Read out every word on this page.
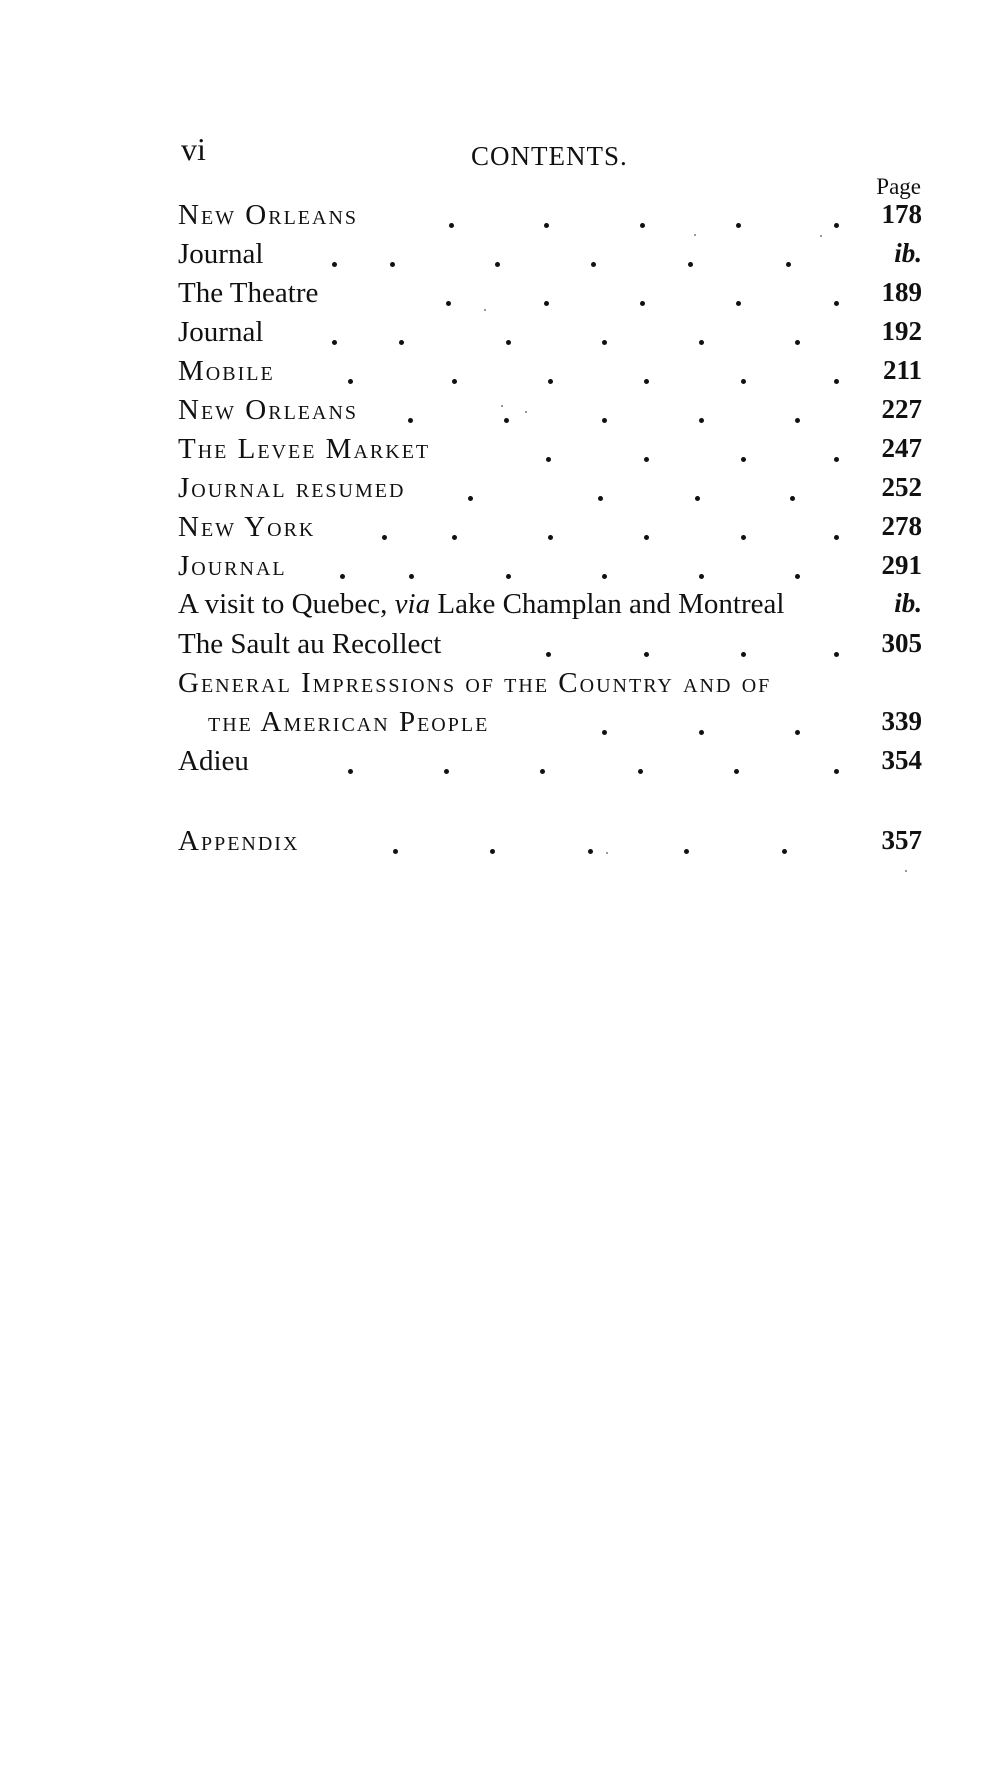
vi	CONTENTS.
Page
New Orleans	178
Journal	ib.
The Theatre	189
Journal	192
Mobile	211
New Orleans	227
The Levee Market	247
Journal resumed	252
New York	278
Journal	291
A visit to Quebec, via Lake Champlan and Montreal	ib.
The Sault au Recollect	305
General Impressions of the Country and of
the American People	339
Adieu	354
Appendix	357
